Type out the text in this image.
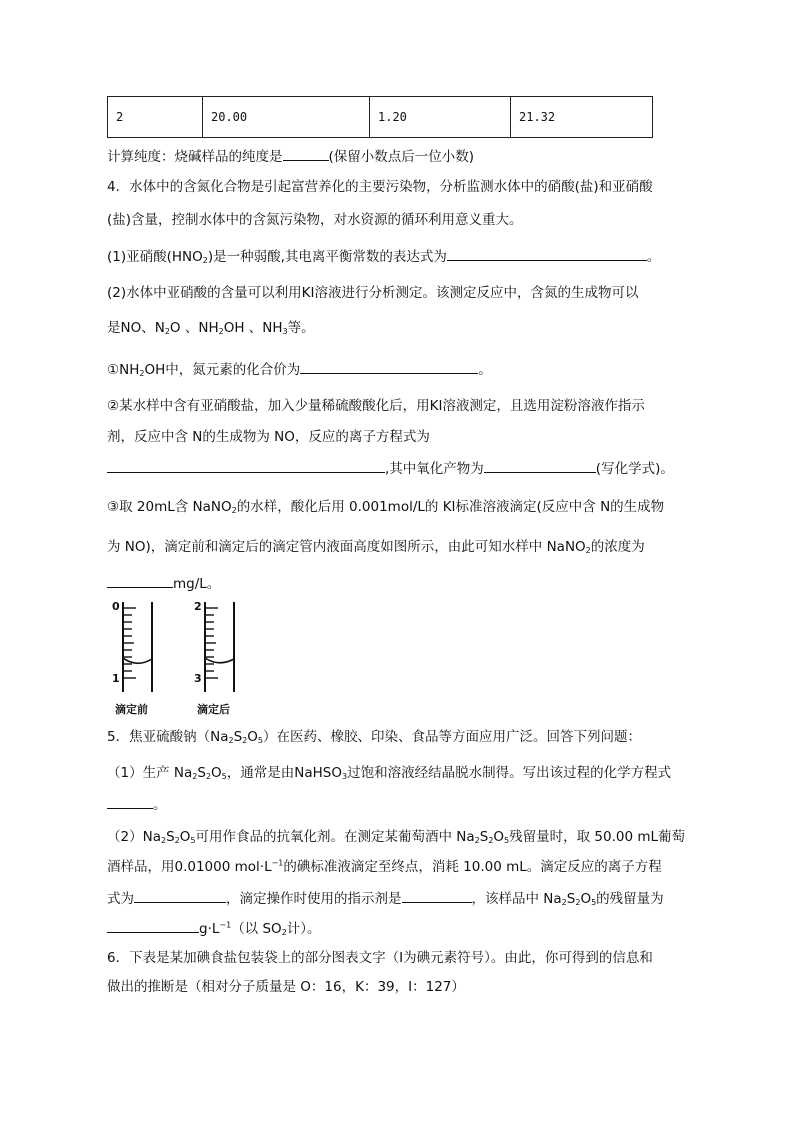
2	20.00	1.20	21.32
计算纯度：烧碱样品的纯度是	(保留小数点后一位小数)
4．水体中的含氮化合物是引起富营养化的主要污染物，分析监测水体中的硝酸(盐)和亚硝酸
(盐)含量，控制水体中的含氮污染物，对水资源的循环利用意义重大。
(1)亚硝酸$(HNO_2)$是一种弱酸,其电离平衡常数的表达式为	。
(2)水体中亚硝酸的含量可以利用KI溶液进行分析测定。该测定反应中，含氮的生成物可以
是NO、$N_2O$ 、$NH_2OH$ 、$NH_3$等。
$①NH_2OH$中，氮元素的化合价为	。
②某水样中含有亚硝酸盐，加入少量稀硫酸酸化后，用KI溶液测定，且选用淀粉溶液作指示
剂，反应中含 N的生成物为 NO，反应的离子方程式为
,其中氧化产物为	(写化学式)。
③取 20mL含 NaNO$_2$的水样，酸化后用 0.001mol/L的 KI标准溶液滴定(反应中含 N的生成物
为 NO)，滴定前和滴定后的滴定管内液面高度如图所示，由此可知水样中 NaNO$_2$的浓度为
mg/L。
0
1
2
3
滴定前	滴定后
5．焦亚硫酸钠$(Na_2S_2O_5)$在医药、橡胶、印染、食品等方面应用广泛。回答下列问题：
（1）生产 $Na_2S_2O_5$，通常是由NaHSO$_3$过饱和溶液经结晶脱水制得。写出该过程的化学方程式
。
$(2)Na_2S_2O_5$可用作食品的抗氧化剂。在测定某葡萄酒中 $Na_2S_2O_5$残留量时，取 50.00 mL葡萄
酒样品，用0.01000 $mol\cdot L^{-1}$的碘标准液滴定至终点，消耗 10.00 mL。滴定反应的离子方程
式为	，滴定操作时使用的指示剂是	，该样品中 $Na_2S_2O_5$的残留量为
$g\cdot L^{-1}$（以 $SO_2$计）。
6．下表是某加碘食盐包装袋上的部分图表文字（I为碘元素符号）。由此，你可得到的信息和
做出的推断是（相对分子质量是 O：16，K：39，I：127）
